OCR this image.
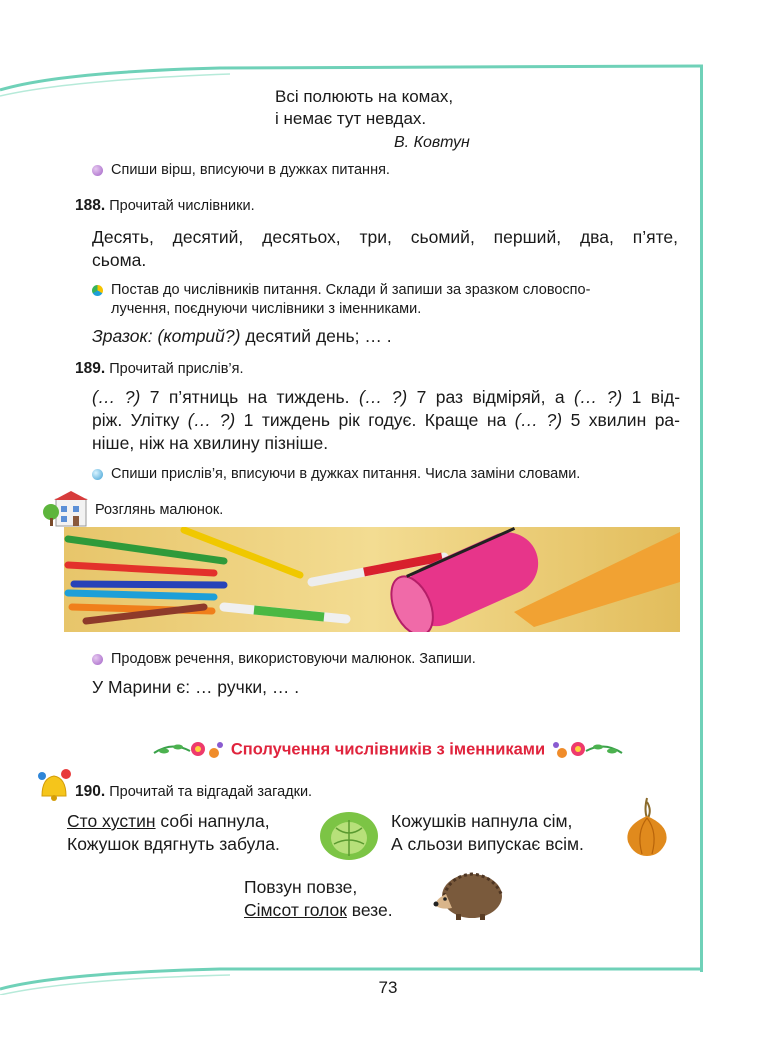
Всі полюють на комах,
і немає тут невдах.
В. Ковтун
Спиши вірш, вписуючи в дужках питання.
188. Прочитай числівники.
Десять, десятий, десятьох, три, сьомий, перший, два, п’яте,
сьома.
Постав до числівників питання. Склади й запиши за зразком словоспо-
лучення, поєднуючи числівники з іменниками.
Зразок: (котрий?) десятий день; … .
189. Прочитай прислів’я.
(… ?) 7 п’ятниць на тиждень. (… ?) 7 раз відміряй, а (… ?) 1 від-
ріж. Улітку (… ?) 1 тиждень рік годує. Краще на (… ?) 5 хвилин ра-
ніше, ніж на хвилину пізніше.
Спиши прислів’я, вписуючи в дужках питання. Числа заміни словами.
Розглянь малюнок.
Продовж речення, використовуючи малюнок. Запиши.
У Марини є: … ручки, … .
Сполучення числівників з іменниками
190. Прочитай та відгадай загадки.
Сто хустин собі напнула,
Кожушок вдягнуть забула.
Кожушків напнула сім,
А сльози випускає всім.
Повзун повзе,
Сімсот голок везе.
73
